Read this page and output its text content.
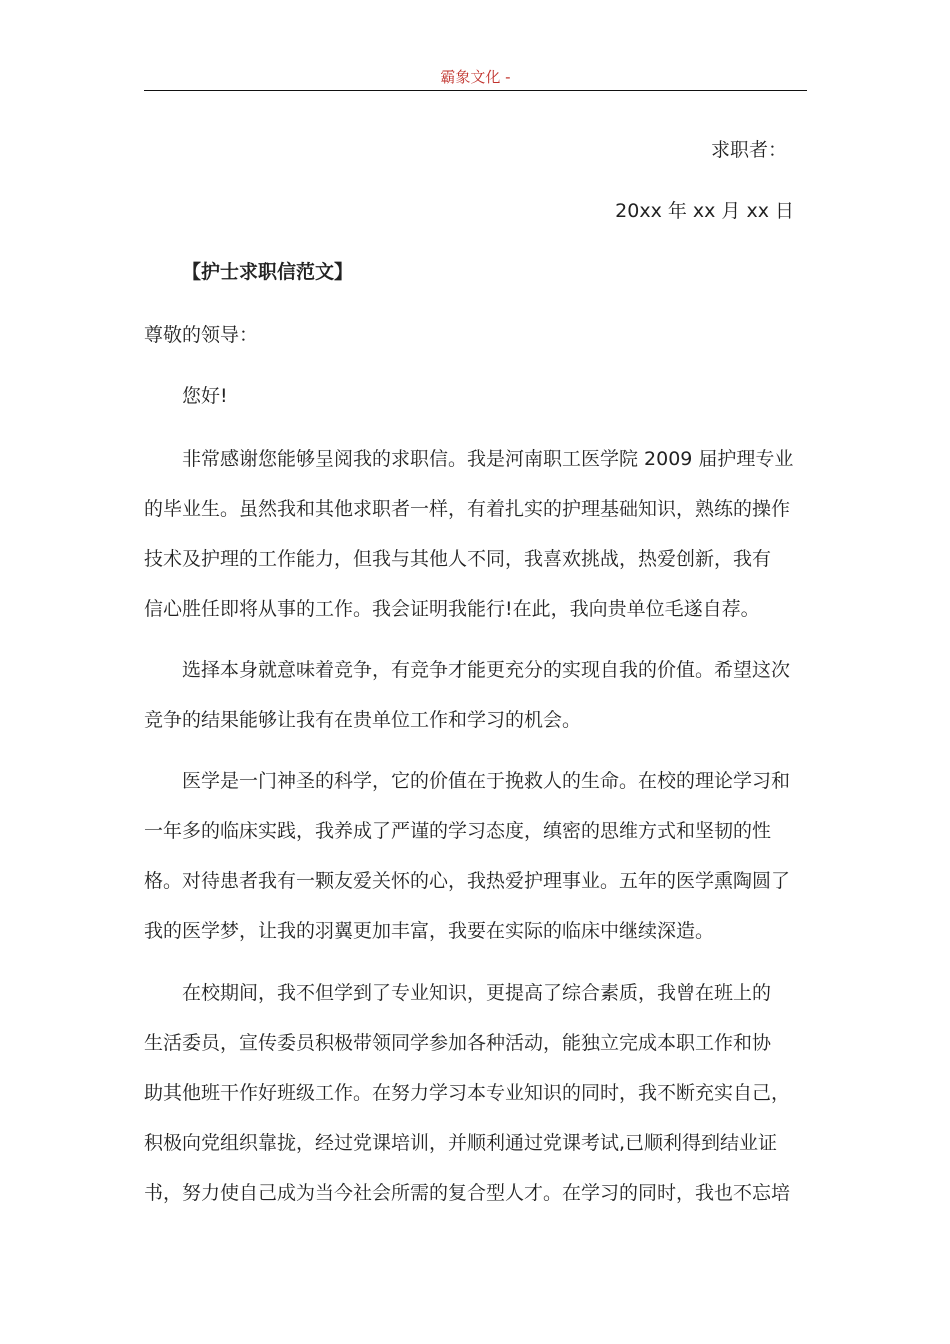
霸象文化 -
求职者：
20xx 年 xx 月 xx 日
【护士求职信范文】
尊敬的领导：
您好!
非常感谢您能够呈阅我的求职信。我是河南职工医学院 2009 届护理专业
的毕业生。虽然我和其他求职者一样，有着扎实的护理基础知识，熟练的操作
技术及护理的工作能力，但我与其他人不同，我喜欢挑战，热爱创新，我有
信心胜任即将从事的工作。我会证明我能行!在此，我向贵单位毛遂自荐。
选择本身就意味着竞争，有竞争才能更充分的实现自我的价值。希望这次
竞争的结果能够让我有在贵单位工作和学习的机会。
医学是一门神圣的科学，它的价值在于挽救人的生命。在校的理论学习和
一年多的临床实践，我养成了严谨的学习态度，缜密的思维方式和坚韧的性
格。对待患者我有一颗友爱关怀的心，我热爱护理事业。五年的医学熏陶圆了
我的医学梦，让我的羽翼更加丰富，我要在实际的临床中继续深造。
在校期间，我不但学到了专业知识，更提高了综合素质，我曾在班上的
生活委员，宣传委员积极带领同学参加各种活动，能独立完成本职工作和协
助其他班干作好班级工作。在努力学习本专业知识的同时，我不断充实自己，
积极向党组织靠拢，经过党课培训，并顺利通过党课考试,已顺利得到结业证
书，努力使自己成为当今社会所需的复合型人才。在学习的同时，我也不忘培
